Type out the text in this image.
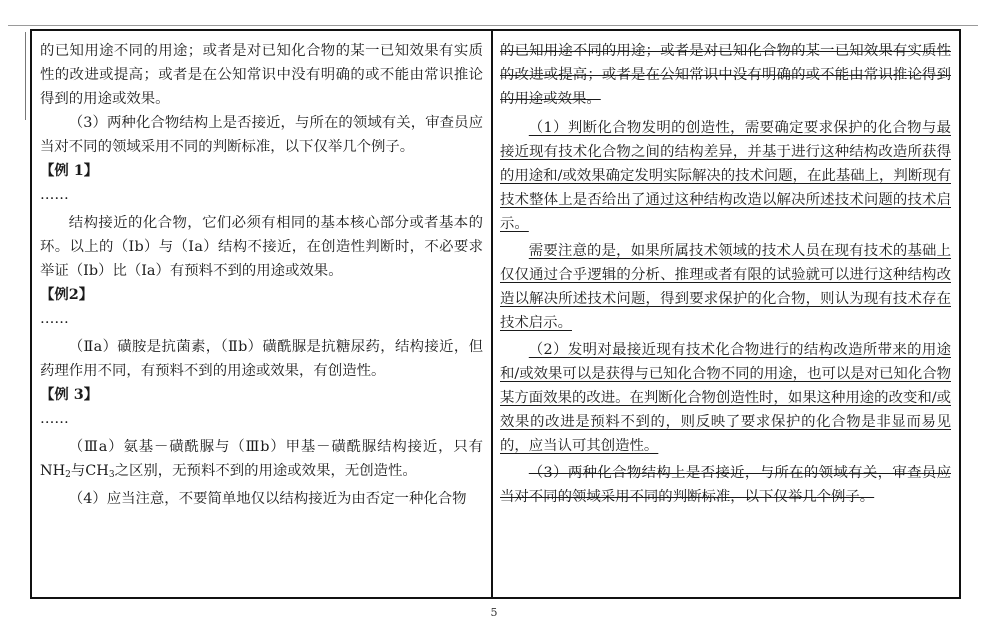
的已知用途不同的用途；或者是对已知化合物的某一已知效果有实质性的改进或提高；或者是在公知常识中没有明确的或不能由常识推论得到的用途或效果。

（3）两种化合物结构上是否接近，与所在的领域有关，审查员应当对不同的领域采用不同的判断标准，以下仅举几个例子。

【例 1】

……

结构接近的化合物，它们必须有相同的基本核心部分或者基本的环。以上的（Ⅰb）与（Ⅰa）结构不接近，在创造性判断时，不必要求举证（Ib）比（Ia）有预料不到的用途或效果。

【例2】

……

（Ⅱa）磺胺是抗菌素，（Ⅱb）磺酰脲是抗糖尿药，结构接近，但药理作用不同，有预料不到的用途或效果，有创造性。

【例 3】

……

（Ⅲa）氨基－磺酰脲与（Ⅲb）甲基－磺酰脲结构接近，只有$NH_2$与$CH_3$之区别，无预料不到的用途或效果，无创造性。

（4）应当注意，不要简单地仅以结构接近为由否定一种化合物

的已知用途不同的用途；或者是对已知化合物的某一已知效果有实质性的改进或提高；或者是在公知常识中没有明确的或不能由常识推论得到的用途或效果。

（1）判断化合物发明的创造性，需要确定要求保护的化合物与最接近现有技术化合物之间的结构差异，并基于进行这种结构改造所获得的用途和/或效果确定发明实际解决的技术问题，在此基础上，判断现有技术整体上是否给出了通过这种结构改造以解决所述技术问题的技术启示。

需要注意的是，如果所属技术领域的技术人员在现有技术的基础上仅仅通过合乎逻辑的分析、推理或者有限的试验就可以进行这种结构改造以解决所述技术问题，得到要求保护的化合物，则认为现有技术存在技术启示。

（2）发明对最接近现有技术化合物进行的结构改造所带来的用途和/或效果可以是获得与已知化合物不同的用途，也可以是对已知化合物某方面效果的改进。在判断化合物创造性时，如果这种用途的改变和/或效果的改进是预料不到的，则反映了要求保护的化合物是非显而易见的，应当认可其创造性。

（3）两种化合物结构上是否接近，与所在的领域有关，审查员应当对不同的领域采用不同的判断标准，以下仅举几个例子。

5
